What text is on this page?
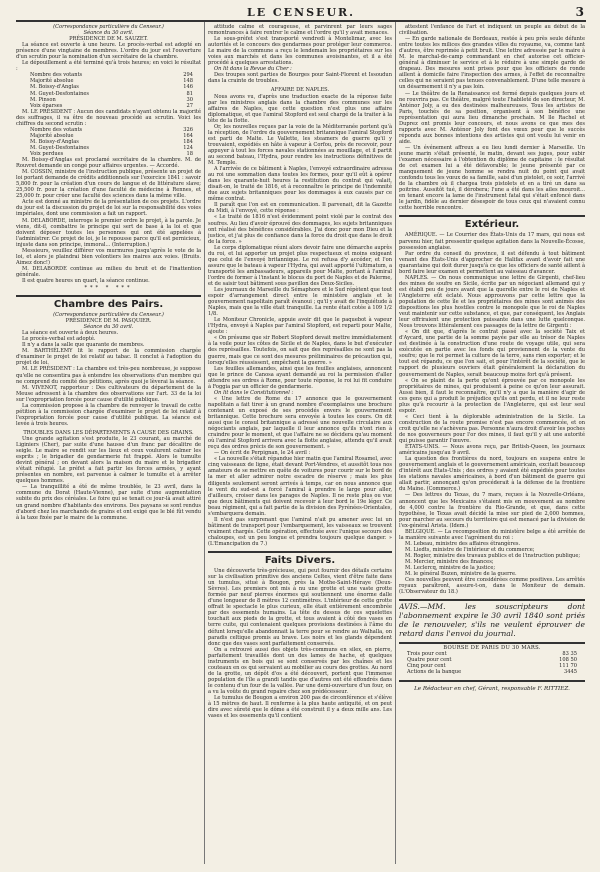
LE CENSEUR.	3

(Correspondance particulière du Censeur.)

Séance du 30 avril.

PRÉSIDENCE DE M. SAUZET.

La séance est ouverte à une heure. Le procès-verbal est adopté en présence d'une vingtaine de membres. L'ordre du jour est l'ouverture d'un scrutin pour la nomination d'un secrétaire de la chambre.

Le dépouillement a été terminé qu'à trois heures; en voici le résultat :

Nombre des votants	294
Majorité absolue	148
M. Boissy-d'Anglas	146
M. Guyet-Desfontaines	81
M. Pinson	30
Voix éparses	27

M. LE PRÉSIDENT : Aucun des candidats n'ayant obtenu la majorité des suffrages, il va être de nouveau procédé au scrutin. Voici les chiffres du second scrutin :

Nombre des votants	326
Majorité absolue	164
M. Boissy-d'Anglas	184
M. Guyet-Desfontaines	124
Voix perdues	18

M. Boissy-d'Anglas est proclamé secrétaire de la chambre. M. de Rouvret demande un congé pour affaires urgentes. — Accordé.

M. COSSIN, ministre de l'instruction publique, présente un projet de loi portant demande de crédits additionnels sur l'exercice 1841 : savoir 5,800 fr. pour la création d'un cours de langue et de littérature slave; 25,500 fr. pour la création d'une faculté de médecine à Rennes, et 25,000 fr. pour créer une faculté des sciences dans la même ville.

Acte est donné au ministre de la présentation de ces projets. L'ordre du jour est la discussion du projet de loi sur la responsabilité des voies impériales, dont une commission a fait un rapport.

M. DELABORDE, interroge le premier ordre le projet, à la parole. Je viens, dit-il, combattre le principe qui sert de base à la loi et que doivent déposer toutes les personnes qui ont été appelées à l'administrer. Ce projet de loi, je le repousse parce qu'il est pernicieux, injuste dans son principe, immoral... (Interruption.)

Messieurs, veuillez différer vos murmures jusqu'après le vote de la loi, et alors je plaindrai bien volontiers les maires aux voies. (Bruits. Aimez donc!)

M. DELABORDE continue au milieu du bruit et de l'inattention générale.

Il est quatre heures un quart, la séance continue.

*** * ***

Chambre des Pairs.

(Correspondance particulière du Censeur.)

PRÉSIDENCE DE M. PASQUIER.

Séance du 30 avril.

La séance est ouverte à deux heures.

Le procès-verbal est adopté.

Il n'y a dans la salle que quarante de membres.

M. BARTHÉLEMY lit le rapport de la commission chargée d'examiner le projet de loi relatif au tabac. Il conclut à l'adoption du projet de loi.

M. LE PRÉSIDENT : La chambre est très-peu nombreuse, je suppose qu'elle ne consentira pas à entendre les observations d'un membre qui ne comprend du comité des pétitions, après quoi je lèverai la séance.

M. VIVENOT, rapporteur : Des cultivateurs du département de la Meuse adressent à la chambre des observations sur l'art. 33 de la loi sur l'expropriation forcée pour cause d'utilité publique.

La commission propose à la chambre de renvoyer le travail de cette pétition à la commission chargée d'examiner le projet de loi relatif à l'expropriation forcée pour cause d'utilité publique. La séance est levée à trois heures.

TROUBLES DANS LES DÉPARTEMENTS A CAUSE DES GRAINS.

Une grande agitation s'est produite, le 23 courant, au marché de Liginiers (Cher), par suite d'une hausse d'un franc par décalitre de seigle. Le maire se rendit sur les lieux et ceux voulurent calmer les esprits ; le brigadier de gendarmerie fut frappé. Alors le tumulte devint général ; on devant alors la maison du maire et le brigadier s'était réfugié. Le préfet a fait partir les forces armées, y ayant présentes en nombre, est parvenue à calmer le tumulte et à arrêter quelques hommes.

— La tranquillité a été de même troublée, le 23 avril, dans la commune du Dorat (Haute-Vienne), par suite d'une augmentation subite du prix des céréales. Le foire qui se tenait ce jour-là avait attiré un grand nombre d'habitants des environs. Des paysans se sont rendus d'abord chez les marchands de grains et ont exigé que le blé fût vendu à la taxe fixée par le maire de la commune.

attitude calme et courageuse, et parvinrent par leurs sages remontrances à faire rentrer le calme et l'ordre qu'il y avait menaces.

Le sous-préfet s'est transporté vendredi à Montelimar, avec les autorités et le concours des gendarmes pour protéger leur commerce. Le maire de la commune a reçu le lendemain les propriétaires sur les voies aux marchés et dans les communes avoisinantes, et il a été procédé à quelques arrestations.

On lit dans la Revue du Cher :

Des troupes sont parties de Bourges pour Saint-Florent et Issoudun dans la crainte de troubles.

AFFAIRE DE NAPLES.

Nous avons vu, d'après une traduction exacte de la réponse faite par les ministres anglais dans la chambre des communes sur les affaires de Naples, que cette question n'est plus une affaire diplomatique, et que l'amiral Stopford est seul chargé de la traiter à la tête de la flotte.

Or, les nouvelles reçues par la voie de la Méditerranée portent qu'à la réception, de l'ordre du gouvernement britannique l'amiral Stopford est parti de Malte. Le Vallette, les steamers de guerre qu'il y trouvaient, expédiés en hâte à vapeur à Corfou, près de recevoir, pour appuyer à tout les forces navales stationnées au mouillage, et il partit au second bateau, l'Hydra, pour rendre les instructions définitives de M. Temple.

A l'arrivée de ce bâtiment à Naples, l'envoyé extraordinaire adressa au roi une sommation dans toutes les formes, pour qu'il eût à opérer dans les quarante-huit heures la restitution du contrat qui valait, disait-on, le traité de 1816, et à reconnaître le principe de l'indemnité due aux sujets britanniques pour les dommages à eux causés par ce même contrat.

Il paraît que l'on est en communication. Il parvenait, dit la Gazette du Midi, à l'envoyé, cette réponse :

« Le traité de 1816 n'est évidemment point violé par le contrat des soufres. Au lieu d'avoir éprouvé des dommages, les sujets britanniques ont réalisé des bénéfices considérables. J'ai donc pour mon Dieu et la justice, et j'ai plus de confiance dans la force du droit que dans le droit de la force. »

Le corps diplomatique réuni alors devoir faire une démarche auprès du roi, et lui apporter un projet plus respectueux et moins exigeant que celui de l'envoyé britannique. Le roi refusa d'y accéder, et l'on assure que le bateau à vapeur l'Hydra, qui avait apporté l'ultimatum, a transporté les ambassadeurs, appareils pour Malte, portant à l'amiral l'ordre de former à l'instant le blocus du port de Naples et de Palerme, et de saisir tout bâtiment sous pavillon des Deux-Siciles.

Les journaux de Marseille du Sémaphore et le Sud répètent que tout espoir d'arrangement direct entre le ministère anglais et le gouvernement napolitain paraît évanoui ; qu'il y avait de l'inquiétude à Naples, mais que la ville était tranquille. La rente était cotée à 109 1/2 1/8.

Le Moniteur Chronicle, appuie avoir dit que le paquebot à vapeur l'Hydra, envoyé à Naples par l'amiral Stopford, est reparti pour Malte, ajoute :

« On présume que sir Robert Stopford devait mettre immédiatement à la voile pour les côtes de Sicile et de Naples, dans le but d'exécuter des représailles. Toutefois, on sait que des représailles ne sont pas la guerre, mais que ce sont des mesures préliminaires de précaution qui, lorsqu'elles réussissent, empêchent la guerre. »

Les feuilles allemandes, ainsi que les feuilles anglaises, annoncent que le prince de Canosa ayant demandé au roi la permission d'aller attendre ses ordres à Rome, pour toute réponse, le roi lui fit conduire à Foggia par un officier de gendarmerie.

On lit dans le Constitutionnel :

« Une lettre de Rome du 17 annonce que le gouvernement napolitain a fait tirer à un grand nombre d'exemplaires une brochure contenant un exposé de ses procédés envers le gouvernement britannique. Cette brochure sera envoyée à toutes les cours. On dit aussi que le consul britannique a adressé une nouvelle circulaire aux négociants anglais, par laquelle il leur annonce qu'ils n'ont rien à craindre pour le moment, et que l'affaire ne se décidera qu'au moment où l'amiral Stopford arrivera avec la flotte anglaise, attendu qu'il avait reçu des ordres précis de son gouvernement. »

— On écrit de Perpignan, le 24 avril :

« La nouvelle s'était répandue hier matin que l'amiral Rosamel, avec cinq vaisseaux de ligne, était devant Port-Vendres, et aussitôt tous nos amateurs de se mettre en quête de voitures pour courir sur le bord de la mer et aller admirer notre escadre de réserve ; mais les plus diligents seulement seront arrivés à temps, car on nous annonce que le vent du sud-est a forcé l'amiral à prendre le large pour aller, d'ailleurs, croiser dans les parages de Naples. Il ne reste plus ou vue que deux bâtiments qui doivent recevoir à leur bord le 19e léger. Ce beau régiment, qui a fait partie de la division des Pyrénées-Orientales, s'embarquera demain.

Il n'est pas surprenant que l'amiral n'ait pu amener avec lui un bâtiment de transport pour l'embarquement, les vaisseaux se trouvent vraiment chargés. Cette opération, effectuée avec l'unique secours des chaloupes, est un peu longue et prendra toujours quelque danger. » (L'Emancipation du 7.)

Faits Divers.

Une découverte très-précieuse, qui peut fournir des détails certains sur la civilisation primitive des anciens Celtes, vient d'être faite dans un tumulus, situé à Bougon, près la Mothe-Saint-Héraye (Deux-Sèvres). Les premiers ont mis à nu une grotte et une vaste grotte formée par neuf pierres énormes qui soutiennent une énorme dalle d'une longueur de 8 mètres 12 centimètres. L'intérieur de cette grotte offrait le spectacle le plus curieux, elle était entièrement encombrée par des ossements humains. La tête du dessus de ces squelettes touchait aux pieds de la grotte, et tous avaient à côté des vases en terre cuite, qui contenaient quelques provisions destinées à l'âme du défunt lorsqu'elle abandonnait la terre pour se rendre au Walhalla, on paradis celtique promis au brave. Les noirs et les glands dépendent donc que des vases sont parfaitement conservés.

On a retrouvé aussi des objets très-communs en silex, en pierre, parfaitement travaillés dont un des lames de hache, et quelques instruments en bois qui se sont conservés par les chaînes et les couteaux en os qui servaient au mobilier au cours des grottes. Au nord de la grotte, un dépôt d'os a été découvert, portent que l'immense population de l'île a grandi tandis que d'autres ont été effondrés dans le contenu d'un four de la vallée. Par une demi-ouverture d'un four, on a vu la voûte du grand repaire chez son prédécesseur.

Le tumulus de Bougon a environ 200 pas de circonférence et s'élève à 15 mètres de haut. Il renferme à la plus haute antiquité, et on peut dire avec sûreté que le dôme a été construit il y a deux mille ans. Les vases et les ossements qu'il contient

attestent l'enfance de l'art et indiquent un peuple au début de la civilisation.

— En garde nationale de Bordeaux, restée à peu près seule défunte entre toutes les milices des grandes villes du royaume, va, comme tant d'autres, être reprimée à petit bruit. Une lettre adressée par le maire à M. le marchal-de-camp commandant en chef autorise cet officier-général à diminuer le service et à le réduire à une simple garde de drapeau. Des mesures sont prises pour que les officiers de ronde aillent à domicile faire l'inspection des armes, à l'effet de reconnaître celles qui ne seraient pas tenues convenablement. D'une telle mesure à un désarmement il n'y a pas loin.

— Le théâtre de la Renaissance est fermé depuis quelques jours et ne rouvrira pas. Ce théâtre, malgré toute l'habileté de son directeur, M. Anténor Joly, a eu des destinées malheureuses. Tous les artistes de Paris, touchés de sa position, organisent à son bénéfice une représentation qui aura lieu dimanche prochain. M lle Rachel et Duprez ont promis leur concours, et nous avons ce que mes des rapports avec M. Anténor Joly font des vœux pour que le succès répondu aux bonnes intentions des artistes qui ont voulu lui venir en aide.

— Un événement affreux a eu lieu lundi dernier à Marseille. Un jeune marin s'était présenté, le matin, devant ses juges, pour subir l'examen nécessaire à l'obtention du diplôme de capitaine : le résultat de cet examen lui a été défavorable; le jeune présenté par ce manquement de jeune homme se rendra nuit du point qui avait confondu tous les vœux de sa famille, saisi d'un pistolet, ce soir, l'arrivé de la chambre où il chargea trois pistolets et en a tiré un dans sa poitrine. Aussitôt tué, il dérobera; l'une a été dans les ailes mouroit... en tenant encore la lame de l'instrument fatal qui s'était enfoncé dans le jardin, fidèle au dernier désespoir de tous ceux qui n'avaient connu cette horrible rencontre.

Extérieur.

AMÉRIQUE. — Le Courrier des États-Unis du 17 mars, qui nous est parvenu hier, fait pressentir quelque agitation dans la Nouvelle-Écosse, possession anglaise.

Par ordre du conseil du province, il est défendu à tout bâtiment venant des États-Unis d'approcher de Halifax avant d'avoir fait une quarantaine qui doit durer jusqu'à ce que les officiers de santé aillent à bord faire leur examen et permettent au vaisseau d'avancer.

NAPLES. — On nous communique une lettre de Girgenti, chef-lieu des mines de soufre en Sicile, écrite par un négociant allemand qui y est établi peu de jours avant que la querelle entre le roi de Naples et l'Angleterre eût éclaté. Nous approuvons par cette lettre que la population de cette île et les propriétaires des mines sont animés des dispositions les plus hostiles contre le monopole que le roi de Naples veut maintenir sur cette substance, et que, par conséquent, les Anglais leur offriraient une protection puissante dans une lutte quelconque. Nous trouvons littéralement ces passages de la lettre de Girgenti :

« On dit que, d'après le contrat passé avec la société Taix et d'Aycard, une partie de la somme payée par elle au trésor de Naples est destinée à la construction d'une route de voyage utile, qui sera exécutée en partie avec les fonds qui proviennent de la vente du soufre; que le roi permet la culture de la terre, sans rien exporter; et le tout est répandu, ce que l'on sait, et pour l'intérêt de la société, que le rapport de plusieurs ouvriers était généralement la déclaration du gouvernement de Naples, serait beaucoup moins fort qu'à présent.

« On se plaint de la perte qu'ont éprouvée par ce monopole les propriétaires de mines, qui produisent à peine ce qu'on leur assurait. Aussi bien, il faut le reconnaître, qu'il n'y a que la manière d'agir de ces gens qui a produit le préjudice qu'ils ont perdu, et il ne leur reste plus qu'à recourir à la protection de l'Angleterre, qui est leur seul espoir.

« Ceci tient à la déplorable administration de la Sicile. La construction de la route promise n'est pas encore commencée, et on croit qu'elle ne s'achèvera pas. Personne n'aura droit d'avoir les poches de nos gouverneurs pour l'or des mines, il faut qu'il y ait une autorité qui puisse garantir l'œuvre.

ÉTATS-UNIS. — Nous avons reçu, par British-Queen, les journaux américains jusqu'au 9 avril.

La question des frontières du nord, toujours en suspens entre le gouvernement anglais et le gouvernement américain, excitait beaucoup d'intérêt aux États-Unis ; des ordres y avaient été expédiés pour toutes les stations navales américaines, à bord d'un bâtiment de guerre qui allait partir, annonçant qu'on procéderait à la défense de la frontière du Maine. (Commerce.)

— Des lettres du Texas, du 7 mars, reçues à la Nouvelle-Orléans, annoncent que les Mexicains s'étaient mis en mouvement au nombre de 4,000 contre la frontière du Rio-Grande, et que, dans cette hypothèse, le Texas avait décidé la mise sur pied de 2,000 hommes, pour marcher au secours du territoire qui est menacé par la division de l'ex-général Arista. (Idem.)

BELGIQUE. — La recomposition du ministère belge a été arrêtée de la manière suivante avec l'agrément du roi :

M. Lebeau, ministre des affaires étrangères.

M. Liedts, ministre de l'intérieur et du commerce;

M. Rogier, ministre des travaux publics et de l'instruction publique;

M. Mercier, ministre des finances;

M. Leclercq, ministre de la justice;

M. le général Buzen, ministre de la guerre.

Ces nouvelles peuvent être considérées comme positives. Les arrêtés royaux paraîtront, assure-t-on, dans le Moniteur de demain. (L'Observateur du 18.)

AVIS.—MM. les souscripteurs dont l'abonnement expire le 30 avril 1840 sont priés de le renouveler, s'ils ne veulent éprouver de retard dans l'envoi du journal.

BOURSE DE PARIS DU 30 MARS.

Trois pour cent	83 35
Quatre pour cent	108 50
Cinq pour cent	111 70
Actions de la banque	3445

Le Rédacteur en chef, Gérant, responsable F. RITTIEZ.
